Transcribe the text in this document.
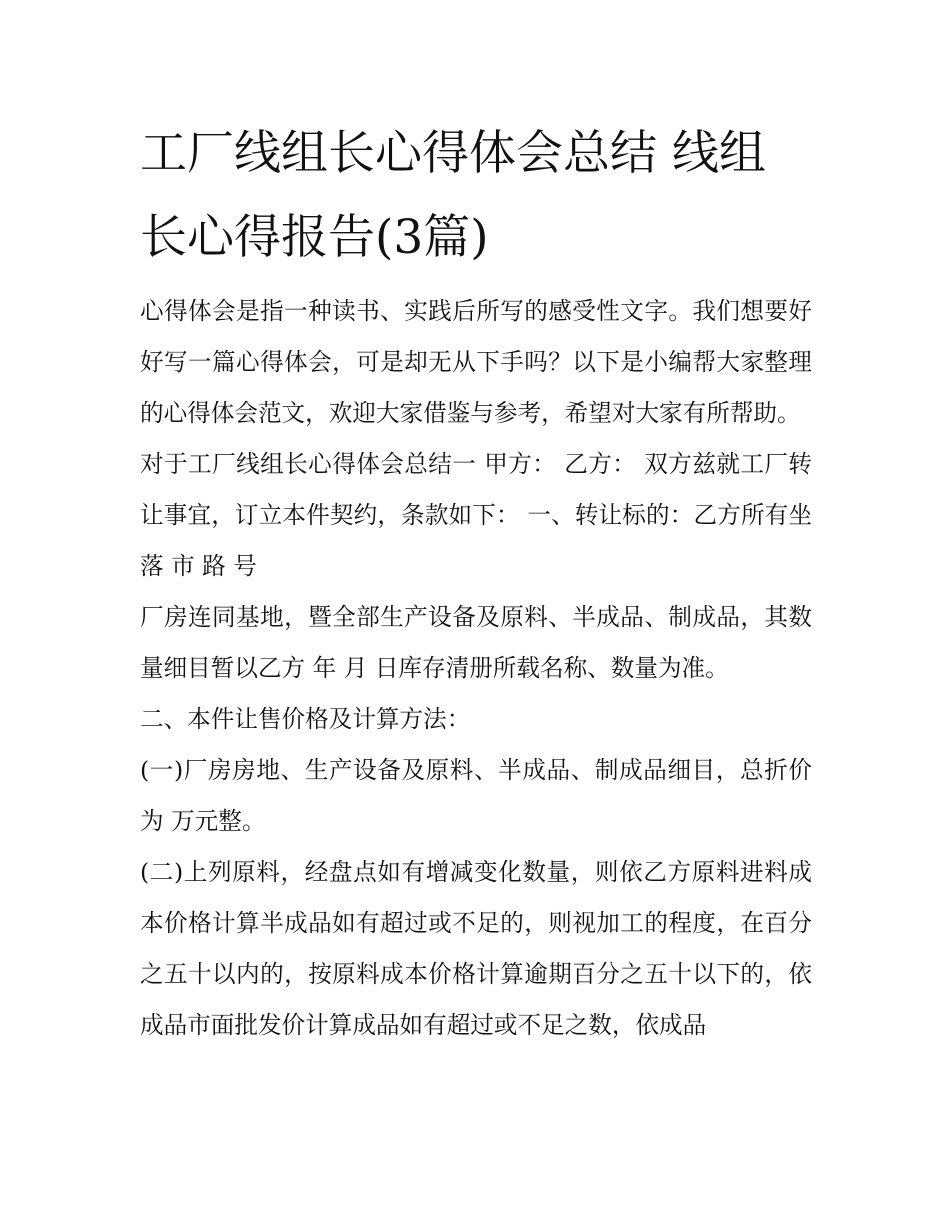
工厂线组长心得体会总结 线组长心得报告(3篇)

心得体会是指一种读书、实践后所写的感受性文字。我们想要好好写一篇心得体会，可是却无从下手吗？以下是小编帮大家整理的心得体会范文，欢迎大家借鉴与参考，希望对大家有所帮助。

对于工厂线组长心得体会总结一 甲方： 乙方： 双方兹就工厂转让事宜，订立本件契约，条款如下： 一、转让标的：乙方所有坐落 市 路 号

厂房连同基地，暨全部生产设备及原料、半成品、制成品，其数量细目暂以乙方 年 月 日库存清册所载名称、数量为准。

二、本件让售价格及计算方法：

(一)厂房房地、生产设备及原料、半成品、制成品细目，总折价为 万元整。

(二)上列原料，经盘点如有增减变化数量，则依乙方原料进料成本价格计算半成品如有超过或不足的，则视加工的程度，在百分之五十以内的，按原料成本价格计算逾期百分之五十以下的，依成品市面批发价计算成品如有超过或不足之数，依成品
